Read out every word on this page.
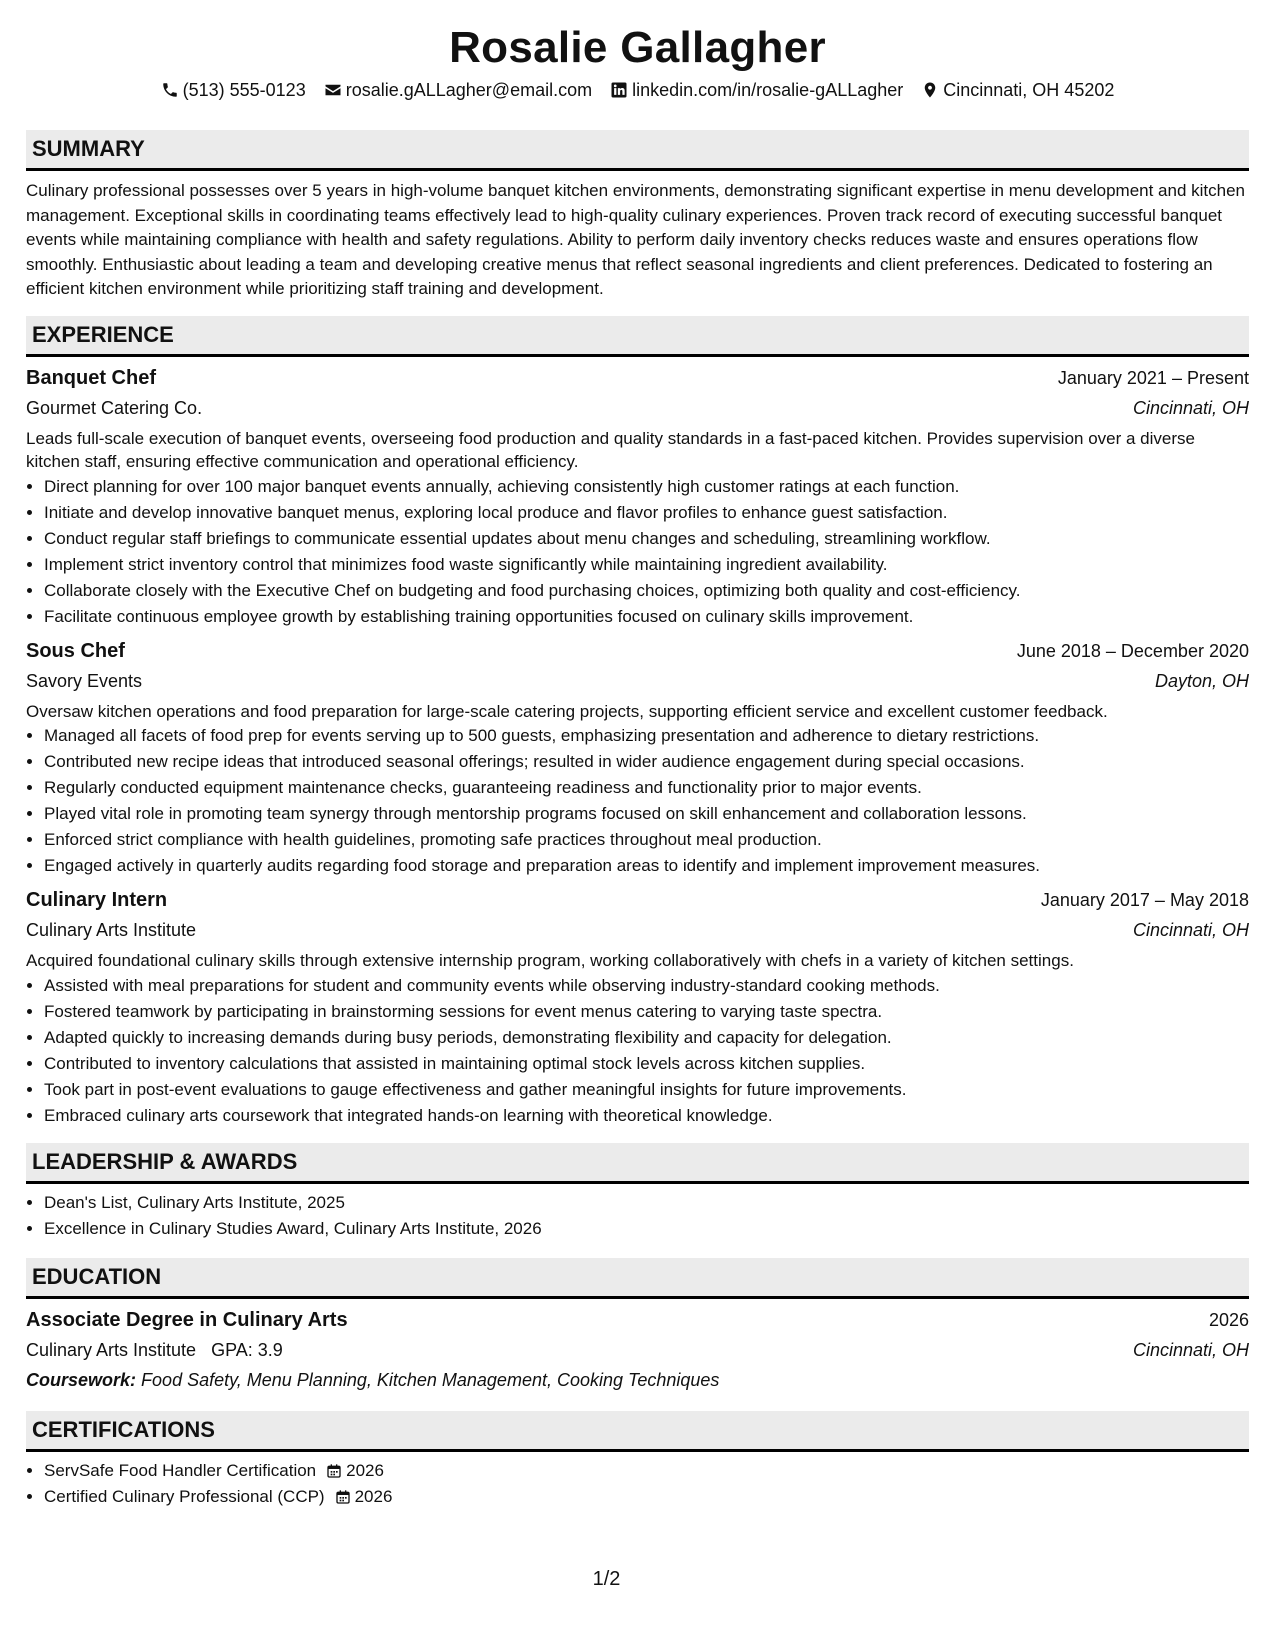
Rosalie Gallagher
(513) 555-0123 rosalie.gALLagher@email.com linkedin.com/in/rosalie-gALLagher Cincinnati, OH 45202
SUMMARY

Culinary professional possesses over 5 years in high-volume banquet kitchen environments, demonstrating significant expertise in menu development and kitchen management. Exceptional skills in coordinating teams effectively lead to high-quality culinary experiences. Proven track record of executing successful banquet events while maintaining compliance with health and safety regulations. Ability to perform daily inventory checks reduces waste and ensures operations flow smoothly. Enthusiastic about leading a team and developing creative menus that reflect seasonal ingredients and client preferences. Dedicated to fostering an efficient kitchen environment while prioritizing staff training and development.

EXPERIENCE
Banquet Chef	January 2021 – Present
Gourmet Catering Co.	Cincinnati, OH
Leads full-scale execution of banquet events, overseeing food production and quality standards in a fast-paced kitchen. Provides supervision over a diverse kitchen staff, ensuring effective communication and operational efficiency.
• Direct planning for over 100 major banquet events annually, achieving consistently high customer ratings at each function.
• Initiate and develop innovative banquet menus, exploring local produce and flavor profiles to enhance guest satisfaction.
• Conduct regular staff briefings to communicate essential updates about menu changes and scheduling, streamlining workflow.
• Implement strict inventory control that minimizes food waste significantly while maintaining ingredient availability.
• Collaborate closely with the Executive Chef on budgeting and food purchasing choices, optimizing both quality and cost-efficiency.
• Facilitate continuous employee growth by establishing training opportunities focused on culinary skills improvement.
Sous Chef	June 2018 – December 2020
Savory Events	Dayton, OH
Oversaw kitchen operations and food preparation for large-scale catering projects, supporting efficient service and excellent customer feedback.
• Managed all facets of food prep for events serving up to 500 guests, emphasizing presentation and adherence to dietary restrictions.
• Contributed new recipe ideas that introduced seasonal offerings; resulted in wider audience engagement during special occasions.
• Regularly conducted equipment maintenance checks, guaranteeing readiness and functionality prior to major events.
• Played vital role in promoting team synergy through mentorship programs focused on skill enhancement and collaboration lessons.
• Enforced strict compliance with health guidelines, promoting safe practices throughout meal production.
• Engaged actively in quarterly audits regarding food storage and preparation areas to identify and implement improvement measures.
Culinary Intern	January 2017 – May 2018
Culinary Arts Institute	Cincinnati, OH
Acquired foundational culinary skills through extensive internship program, working collaboratively with chefs in a variety of kitchen settings.
• Assisted with meal preparations for student and community events while observing industry-standard cooking methods.
• Fostered teamwork by participating in brainstorming sessions for event menus catering to varying taste spectra.
• Adapted quickly to increasing demands during busy periods, demonstrating flexibility and capacity for delegation.
• Contributed to inventory calculations that assisted in maintaining optimal stock levels across kitchen supplies.
• Took part in post-event evaluations to gauge effectiveness and gather meaningful insights for future improvements.
• Embraced culinary arts coursework that integrated hands-on learning with theoretical knowledge.
LEADERSHIP & AWARDS
• Dean's List, Culinary Arts Institute, 2025
• Excellence in Culinary Studies Award, Culinary Arts Institute, 2026
EDUCATION
Associate Degree in Culinary Arts	2026
Culinary Arts Institute GPA: 3.9	Cincinnati, OH
Coursework: Food Safety, Menu Planning, Kitchen Management, Cooking Techniques
CERTIFICATIONS
• ServSafe Food Handler Certification 2026
• Certified Culinary Professional (CCP) 2026
1/2
